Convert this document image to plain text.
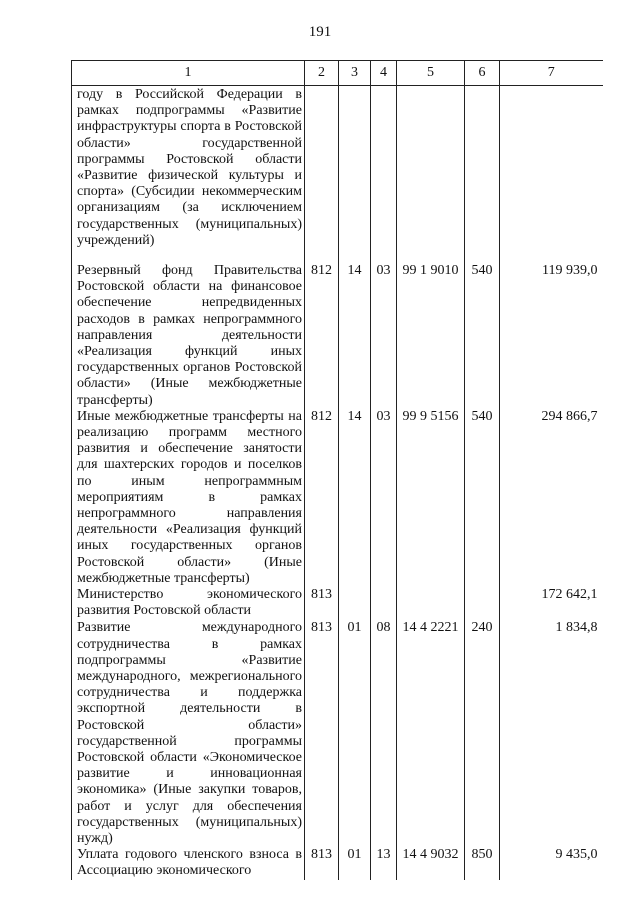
191
1	2	3	4	5	6	7
году в Российской Федерации в рамках подпрограммы «Развитие инфраструктуры спорта в Ростовской области» государственной программы Ростовской области «Развитие физической культуры и спорта» (Субсидии некоммерческим организациям (за исключением государственных (муниципальных) учреждений)						
Резервный фонд Правительства Ростовской области на финансовое обеспечение непредвиденных расходов в рамках непрограммного направления деятельности «Реализация функций иных государственных органов Ростовской области» (Иные межбюджетные трансферты)	812	14	03	99 1 9010	540	119 939,0
Иные межбюджетные трансферты на реализацию программ местного развития и обеспечение занятости для шахтерских городов и поселков по иным непрограммным мероприятиям в рамках непрограммного направления деятельности «Реализация функций иных государственных органов Ростовской области» (Иные межбюджетные трансферты)	812	14	03	99 9 5156	540	294 866,7
Министерство экономического развития Ростовской области	813					172 642,1
Развитие международного сотрудничества в рамках подпрограммы «Развитие международного, межрегионального сотрудничества и поддержка экспортной деятельности в Ростовской области» государственной программы Ростовской области «Экономическое развитие и инновационная экономика» (Иные закупки товаров, работ и услуг для обеспечения государственных (муниципальных) нужд)	813	01	08	14 4 2221	240	1 834,8
Уплата годового членского взноса в Ассоциацию экономического	813	01	13	14 4 9032	850	9 435,0
